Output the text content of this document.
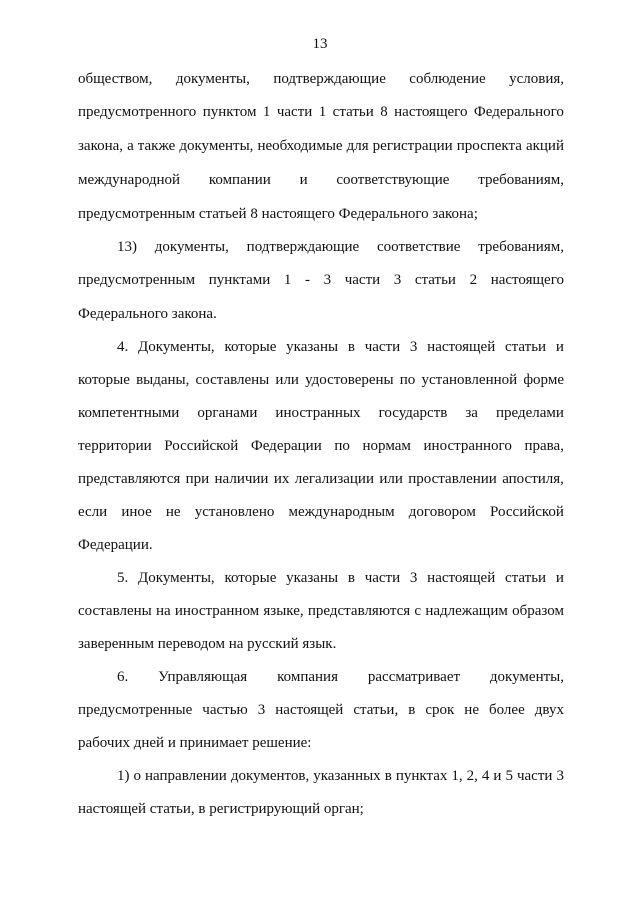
13
обществом, документы, подтверждающие соблюдение условия,
предусмотренного пунктом 1 части 1 статьи 8 настоящего Федерального
закона, а также документы, необходимые для регистрации проспекта акций
международной компании и соответствующие требованиям,
предусмотренным статьей 8 настоящего Федерального закона;
13) документы, подтверждающие соответствие требованиям,
предусмотренным пунктами 1 - 3 части 3 статьи 2 настоящего
Федерального закона.
4. Документы, которые указаны в части 3 настоящей статьи и
которые выданы, составлены или удостоверены по установленной форме
компетентными органами иностранных государств за пределами
территории Российской Федерации по нормам иностранного права,
представляются при наличии их легализации или проставлении апостиля,
если иное не установлено международным договором Российской
Федерации.
5. Документы, которые указаны в части 3 настоящей статьи и
составлены на иностранном языке, представляются с надлежащим образом
заверенным переводом на русский язык.
6. Управляющая компания рассматривает документы,
предусмотренные частью 3 настоящей статьи, в срок не более двух
рабочих дней и принимает решение:
1) о направлении документов, указанных в пунктах 1, 2, 4 и 5 части 3
настоящей статьи, в регистрирующий орган;
